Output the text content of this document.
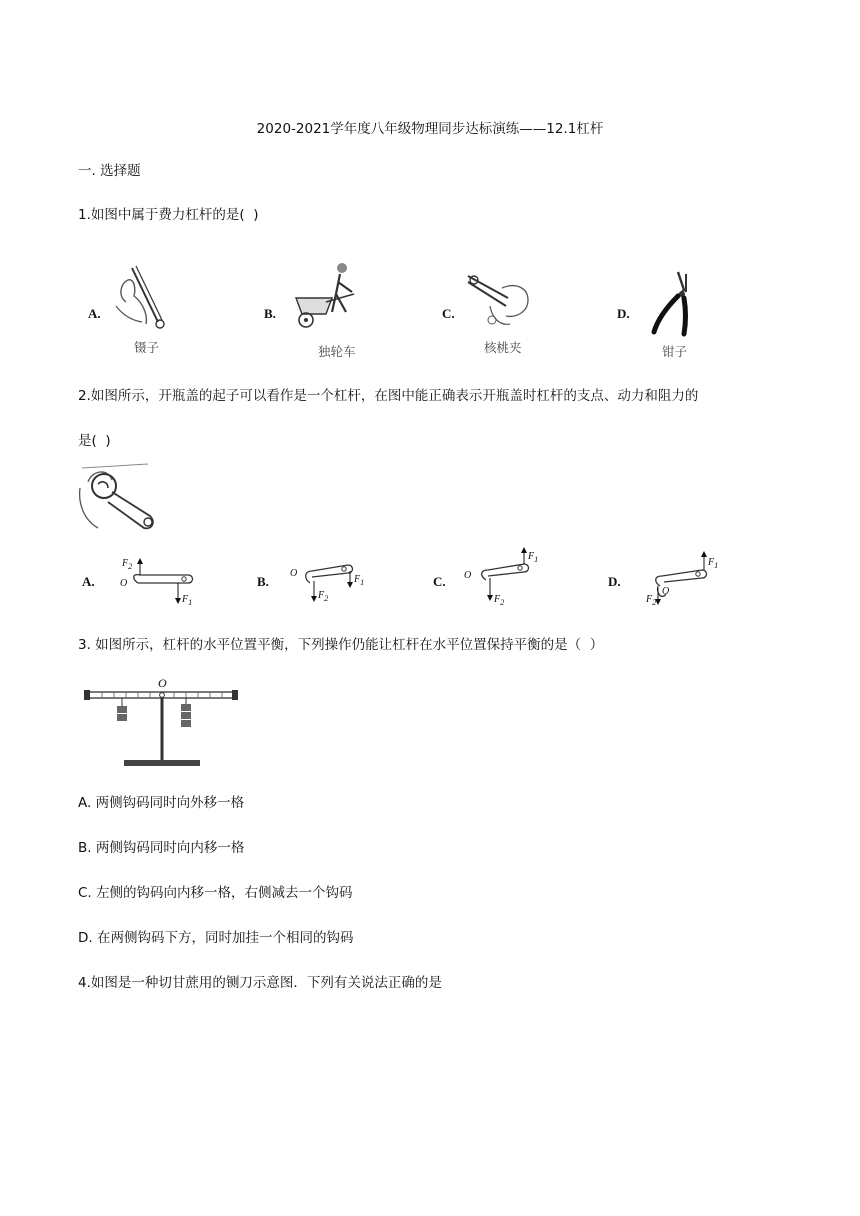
2020-2021学年度八年级物理同步达标演练——12.1杠杆
一. 选择题
1.如图中属于费力杠杆的是(  )
A.
镊子
B.
独轮车
C.
核桃夹
D.
钳子
2.如图所示，开瓶盖的起子可以看作是一个杠杆，在图中能正确表示开瓶盖时杠杆的支点、动力和阻力的
是(  )
A.
$F_2$
O
$F_1$
B.
O
$F_2$
$F_1$	C. O
$F_1$
$F_2$
D.
O
$F_1$
$F_2$
3. 如图所示，杠杆的水平位置平衡，下列操作仍能让杠杆在水平位置保持平衡的是（  ）
O
A. 两侧钩码同时向外移一格
B. 两侧钩码同时向内移一格
C. 左侧的钩码向内移一格，右侧减去一个钩码
D. 在两侧钩码下方，同时加挂一个相同的钩码
4.如图是一种切甘蔗用的铡刀示意图．下列有关说法正确的是
